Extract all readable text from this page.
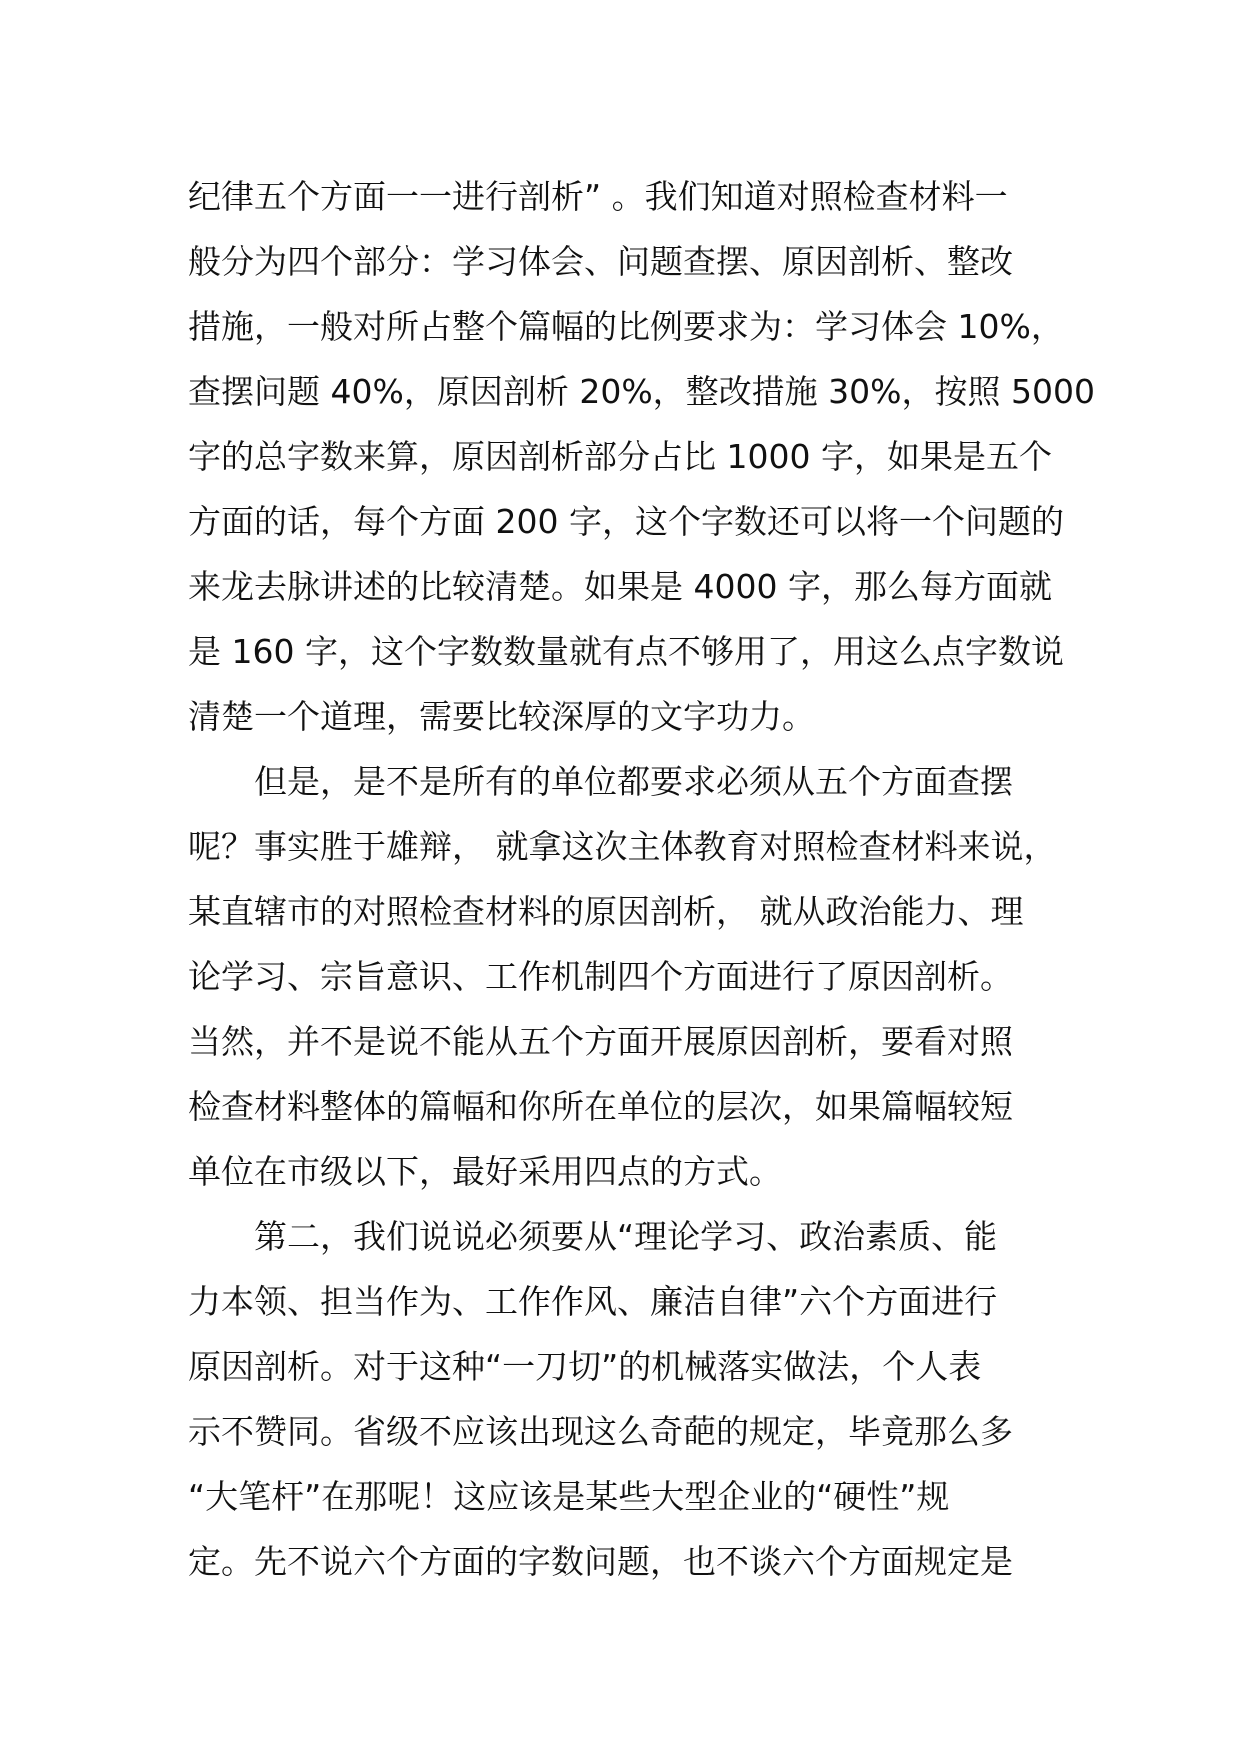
纪律五个方面一一进行剖析” 。我们知道对照检查材料一
般分为四个部分：学习体会、问题查摆、原因剖析、整改
措施，一般对所占整个篇幅的比例要求为：学习体会 10%，
查摆问题 40%，原因剖析 20%，整改措施 30%，按照 5000
字的总字数来算，原因剖析部分占比 1000 字，如果是五个
方面的话，每个方面 200 字，这个字数还可以将一个问题的
来龙去脉讲述的比较清楚。如果是 4000 字，那么每方面就
是 160 字，这个字数数量就有点不够用了，用这么点字数说
清楚一个道理，需要比较深厚的文字功力。
　　但是，是不是所有的单位都要求必须从五个方面查摆
呢？事实胜于雄辩， 就拿这次主体教育对照检查材料来说，
某直辖市的对照检查材料的原因剖析， 就从政治能力、理
论学习、宗旨意识、工作机制四个方面进行了原因剖析。
当然，并不是说不能从五个方面开展原因剖析，要看对照
检查材料整体的篇幅和你所在单位的层次，如果篇幅较短
单位在市级以下，最好采用四点的方式。
　　第二，我们说说必须要从“理论学习、政治素质、能
力本领、担当作为、工作作风、廉洁自律”六个方面进行
原因剖析。对于这种“一刀切”的机械落实做法，个人表
示不赞同。省级不应该出现这么奇葩的规定，毕竟那么多
“大笔杆”在那呢！这应该是某些大型企业的“硬性”规
定。先不说六个方面的字数问题，也不谈六个方面规定是
